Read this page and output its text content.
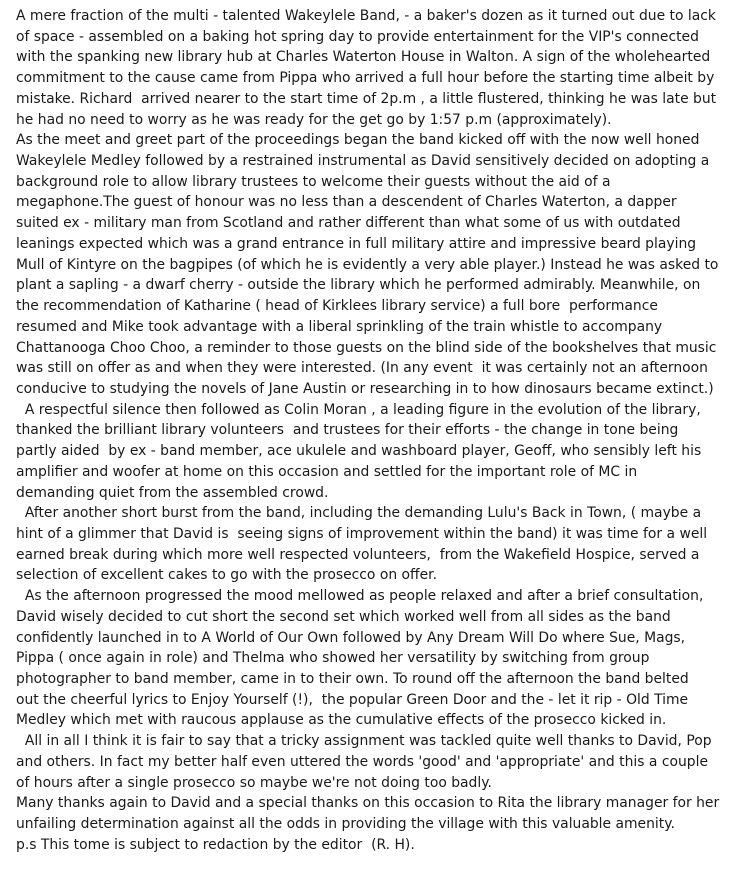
A mere fraction of the multi - talented Wakeylele Band, - a baker's dozen as it turned out due to lack
of space - assembled on a baking hot spring day to provide entertainment for the VIP's connected
with the spanking new library hub at Charles Waterton House in Walton. A sign of the wholehearted
commitment to the cause came from Pippa who arrived a full hour before the starting time albeit by
mistake. Richard  arrived nearer to the start time of 2p.m , a little flustered, thinking he was late but
he had no need to worry as he was ready for the get go by 1:57 p.m (approximately).
As the meet and greet part of the proceedings began the band kicked off with the now well honed
Wakeylele Medley followed by a restrained instrumental as David sensitively decided on adopting a
background role to allow library trustees to welcome their guests without the aid of a
megaphone.The guest of honour was no less than a descendent of Charles Waterton, a dapper
suited ex - military man from Scotland and rather different than what some of us with outdated
leanings expected which was a grand entrance in full military attire and impressive beard playing
Mull of Kintyre on the bagpipes (of which he is evidently a very able player.) Instead he was asked to
plant a sapling - a dwarf cherry - outside the library which he performed admirably. Meanwhile, on
the recommendation of Katharine ( head of Kirklees library service) a full bore  performance
resumed and Mike took advantage with a liberal sprinkling of the train whistle to accompany
Chattanooga Choo Choo, a reminder to those guests on the blind side of the bookshelves that music
was still on offer as and when they were interested. (In any event  it was certainly not an afternoon
conducive to studying the novels of Jane Austin or researching in to how dinosaurs became extinct.)
A respectful silence then followed as Colin Moran , a leading figure in the evolution of the library,
thanked the brilliant library volunteers  and trustees for their efforts - the change in tone being
partly aided  by ex - band member, ace ukulele and washboard player, Geoff, who sensibly left his
amplifier and woofer at home on this occasion and settled for the important role of MC in
demanding quiet from the assembled crowd.
After another short burst from the band, including the demanding Lulu's Back in Town, ( maybe a
hint of a glimmer that David is  seeing signs of improvement within the band) it was time for a well
earned break during which more well respected volunteers,  from the Wakefield Hospice, served a
selection of excellent cakes to go with the prosecco on offer.
As the afternoon progressed the mood mellowed as people relaxed and after a brief consultation,
David wisely decided to cut short the second set which worked well from all sides as the band
confidently launched in to A World of Our Own followed by Any Dream Will Do where Sue, Mags,
Pippa ( once again in role) and Thelma who showed her versatility by switching from group
photographer to band member, came in to their own. To round off the afternoon the band belted
out the cheerful lyrics to Enjoy Yourself (!),  the popular Green Door and the - let it rip - Old Time
Medley which met with raucous applause as the cumulative effects of the prosecco kicked in.
All in all I think it is fair to say that a tricky assignment was tackled quite well thanks to David, Pop
and others. In fact my better half even uttered the words 'good' and 'appropriate' and this a couple
of hours after a single prosecco so maybe we're not doing too badly.
Many thanks again to David and a special thanks on this occasion to Rita the library manager for her
unfailing determination against all the odds in providing the village with this valuable amenity.
p.s This tome is subject to redaction by the editor  (R. H).
